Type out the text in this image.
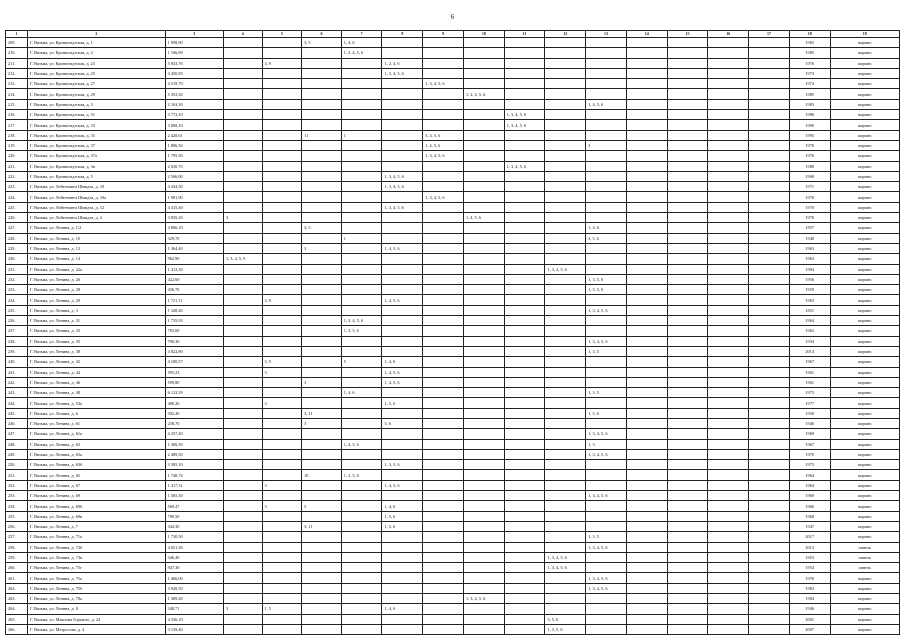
6
1	2	3	4	5	6	7	8	9	10	11	12	13	14	15	16	17	18	19
209.	Г. Вязьма, ул. Кронштадтская, д. 1	1 998,80			3, 5	1, 4, 6											1965	кирпич
210.	Г. Вязьма, ул. Кронштадтская, д. 2	1 166,69				1, 2, 4, 5, 6											1985	кирпич
211.	Г. Вязьма, ул. Кронштадтская, д. 23	5 833,76		3, 9			1, 2, 4, 6										1976	кирпич
212.	Г. Вязьма, ул. Кронштадтская, д. 25	4 450,83					1, 3, 4, 5, 6										1973	кирпич
213.	Г. Вязьма, ул. Кронштадтская, д. 27	4 519,70						1, 3, 4, 5, 6									1974	кирпич
214.	Г. Вязьма, ул. Кронштадтская, д. 29	5 353,30							1, 2, 4, 5, 6								1985	кирпич
215.	Г. Вязьма, ул. Кронштадтская, д. 3	2 163,30										1, 4, 5, 6					1983	кирпич
216.	Г. Вязьма, ул. Кронштадтская, д. 31	3 772,10								1, 3, 4, 5, 6							1986	кирпич
217.	Г. Вязьма, ул. Кронштадтская, д. 33	3 808,10								1, 3, 4, 5, 6							1990	кирпич
218.	Г. Вязьма, ул. Кронштадтская, д. 35	2 428,61			11	1		3, 4, 5, 6									1995	кирпич
219.	Г. Вязьма, ул. Кронштадтская, д. 37	1 806,50						1, 4, 5, 6				3					1978	кирпич
220.	Г. Вязьма, ул. Кронштадтская, д. 37а	1 795,50						1, 3, 4, 5, 6									1976	кирпич
221.	Г. Вязьма, ул. Кронштадтская, д. 3в	2 630,70								1, 3, 4, 5, 6							1988	кирпич
222.	Г. Вязьма, ул. Кронштадтская, д. 5	2 566,90					1, 3, 4, 5, 6										1968	кирпич
223.	Г. Вязьма, ул. Лейтенанта Шмидта, д. 10	4 434,50					1, 3, 4, 5, 6										1971	кирпич
224.	Г. Вязьма, ул. Лейтенанта Шмидта, д. 10а	1 981,90						1, 3, 4, 5, 6									1976	кирпич
225.	Г. Вязьма, ул. Лейтенанта Шмидта, д. 12	4 415,40					1, 3, 4, 5, 6										1970	кирпич
226.	Г. Вязьма, ул. Лейтенанта Шмидта, д. 2	3 835,20	3						1, 4, 5, 6								1978	кирпич
227.	Г. Вязьма, ул. Ленина, д. 1/2	4 866,10			3, 5							1, 4, 6					1857	кирпич
228.	Г. Вязьма, ул. Ленина, д. 10	329,70				1						3, 5, 6					1948	кирпич
229.	Г. Вязьма, ул. Ленина, д. 12	1 364,40			3		1, 4, 5, 6										1963	кирпич
230.	Г. Вязьма, ул. Ленина, д. 14	962,90	1, 3, 4, 5, 9														1963	кирпич
231.	Г. Вязьма, ул. Ленина, д. 22а	1 412,30									1, 3, 4, 5, 6						1994	кирпич
232.	Г. Вязьма, ул. Ленина, д. 26	422,60										1, 3, 5, 6					1956	кирпич
233.	Г. Вязьма, ул. Ленина, д. 28	436,70										1, 3, 5, 6					1959	кирпич
234.	Г. Вязьма, ул. Ленина, д. 29	1 721,11		3, 9			1, 4, 5, 6										1963	кирпич
235.	Г. Вязьма, ул. Ленина, д. 3	1 328,40										1, 3, 4, 5, 6					1851	кирпич
236.	Г. Вязьма, ул. Ленина, д. 31	1 735,93				1, 3, 4, 5, 6											1964	кирпич
237.	Г. Вязьма, ул. Ленина, д. 33	793,00				1, 3, 5, 6											1962	кирпич
238.	Г. Вязьма, ул. Ленина, д. 35	796,30										1, 3, 4, 5, 6					1934	кирпич
239.	Г. Вязьма, ул. Ленина, д. 38	4 822,80										1, 3, 5					2014	кирпич
240.	Г. Вязьма, ул. Ленина, д. 42	4 100,57		3, 9		5	1, 4, 6										1967	кирпич
241.	Г. Вязьма, ул. Ленина, д. 44	595,23		3			1, 4, 5, 6										1961	кирпич
242.	Г. Вязьма, ул. Ленина, д. 46	599,80			3		1, 4, 5, 6										1961	кирпич
243.	Г. Вязьма, ул. Ленина, д. 48	6 123,59				1, 4, 6						1, 3, 5					1973	кирпич
244.	Г. Вязьма, ул. Ленина, д. 53а	408,20		3			1, 5, 6										1977	кирпич
245.	Г. Вязьма, ул. Ленина, д. 6	392,40			3, 11							1, 5, 6					1950	кирпич
246.	Г. Вязьма, ул. Ленина, д. 61	238,70			3		5, 6										1946	кирпич
247.	Г. Вязьма, ул. Ленина, д. 61а	4 257,40										1, 3, 4, 5, 6					1969	кирпич
248.	Г. Вязьма, ул. Ленина, д. 63	1 306,50				1, 4, 5, 6						1, 3					1967	кирпич
249.	Г. Вязьма, ул. Ленина, д. 63а	2 489,50										1, 3, 4, 5, 6					1970	кирпич
250.	Г. Вязьма, ул. Ленина, д. 63б	3 305,10					1, 3, 5, 6										1973	кирпич
251.	Г. Вязьма, ул. Ленина, д. 65	1 748,74			10	1, 3, 5, 6											1964	кирпич
252.	Г. Вязьма, ул. Ленина, д. 67	1 417,31		3			1, 4, 5, 6										1964	кирпич
253.	Г. Вязьма, ул. Ленина, д. 69	1 565,30										1, 3, 4, 5, 6					1960	кирпич
254.	Г. Вязьма, ул. Ленина, д. 69б	569,47		3	5		1, 4, 6										1966	кирпич
255.	Г. Вязьма, ул. Ленина, д. 69в	790,50					1, 5, 6										1968	кирпич
256.	Г. Вязьма, ул. Ленина, д. 7	344,30			3, 11		1, 5, 6										1947	кирпич
257.	Г. Вязьма, ул. Ленина, д. 71а	1 730,50										1, 3, 5					2017	кирпич
258.	Г. Вязьма, ул. Ленина, д. 73б	4 651,30										1, 3, 4, 5, 6					2013	панель
259.	Г. Вязьма, ул. Ленина, д. 73в	346,40									1, 3, 4, 5, 6						1953	панель
260.	Г. Вязьма, ул. Ленина, д. 73г	947,30									1, 3, 4, 5, 6						1954	панель
261.	Г. Вязьма, ул. Ленина, д. 75а	1 466,00										1, 3, 4, 5, 6					1976	кирпич
262.	Г. Вязьма, ул. Ленина, д. 75б	3 928,50										1, 3, 4, 5, 6					1983	кирпич
263.	Г. Вязьма, ул. Ленина, д. 78а	1 389,40							1, 3, 4, 5, 6								1984	кирпич
264.	Г. Вязьма, ул. Ленина, д. 8	348,71	3	1, 5			1, 4, 6										1946	кирпич
265.	Г. Вязьма, ул. Максима Горького, д. 24	4 336,10									3, 5, 6						2001	кирпич
266.	Г. Вязьма, ул. Матросова, д. 4	3 159,40									1, 3, 5, 6						2007	кирпич
